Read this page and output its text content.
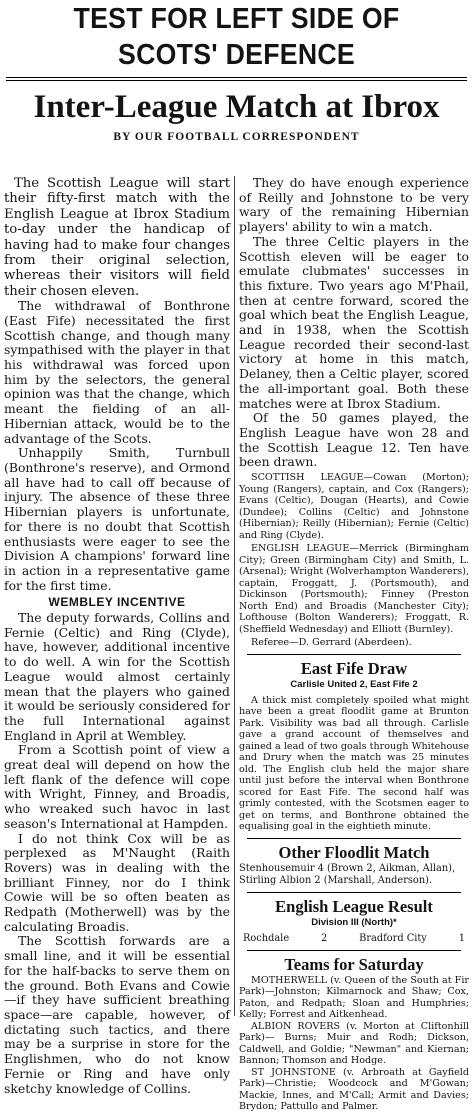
TEST FOR LEFT SIDE OF
SCOTS' DEFENCE
Inter-League Match at Ibrox
BY OUR FOOTBALL CORRESPONDENT

The Scottish League will start their fifty-first match with the English League at Ibrox Stadium to-day under the handicap of having had to make four changes from their original selection, whereas their visitors will field their chosen eleven.

The withdrawal of Bonthrone (East Fife) necessitated the first Scottish change, and though many sympathised with the player in that his withdrawal was forced upon him by the selectors, the general opinion was that the change, which meant the fielding of an all-Hibernian attack, would be to the advantage of the Scots.

Unhappily Smith, Turnbull (Bonthrone's reserve), and Ormond all have had to call off because of injury. The absence of these three Hibernian players is unfortunate, for there is no doubt that Scottish enthusiasts were eager to see the Division A champions' forward line in action in a representative game for the first time.

WEMBLEY INCENTIVE

The deputy forwards, Collins and Fernie (Celtic) and Ring (Clyde), have, however, additional incentive to do well. A win for the Scottish League would almost certainly mean that the players who gained it would be seriously considered for the full International against England in April at Wembley.

From a Scottish point of view a great deal will depend on how the left flank of the defence will cope with Wright, Finney, and Broadis, who wreaked such havoc in last season's International at Hampden.

I do not think Cox will be as perplexed as M'Naught (Raith Rovers) was in dealing with the brilliant Finney, nor do I think Cowie will be so often beaten as Redpath (Motherwell) was by the calculating Broadis.

The Scottish forwards are a small line, and it will be essential for the half-backs to serve them on the ground. Both Evans and Cowie—if they have sufficient breathing space—are capable, however, of dictating such tactics, and there may be a surprise in store for the Englishmen, who do not know Fernie or Ring and have only sketchy knowledge of Collins.

They do have enough experience of Reilly and Johnstone to be very wary of the remaining Hibernian players' ability to win a match.

The three Celtic players in the Scottish eleven will be eager to emulate clubmates' successes in this fixture. Two years ago M'Phail, then at centre forward, scored the goal which beat the English League, and in 1938, when the Scottish League recorded their second-last victory at home in this match, Delaney, then a Celtic player, scored the all-important goal. Both these matches were at Ibrox Stadium.

Of the 50 games played, the English League have won 28 and the Scottish League 12. Ten have been drawn.

SCOTTISH LEAGUE—Cowan (Morton); Young (Rangers), captain, and Cox (Rangers); Evans (Celtic), Dougan (Hearts), and Cowie (Dundee); Collins (Celtic) and Johnstone (Hibernian); Reilly (Hibernian); Fernie (Celtic) and Ring (Clyde).

ENGLISH LEAGUE—Merrick (Birmingham City); Green (Birmingham City) and Smith, L. (Arsenal); Wright (Wolverhampton Wanderers), captain, Froggatt, J. (Portsmouth), and Dickinson (Portsmouth); Finney (Preston North End) and Broadis (Manchester City); Lofthouse (Bolton Wanderers); Froggatt, R. (Sheffield Wednesday) and Elliott (Burnley).

Referee—D. Gerrard (Aberdeen).

East Fife Draw
Carlisle United 2, East Fife 2

A thick mist completely spoiled what might have been a great floodlit game at Brunton Park. Visibility was bad all through. Carlisle gave a grand account of themselves and gained a lead of two goals through Whitehouse and Drury when the match was 25 minutes old. The English club held the major share until just before the interval when Bonthrone scored for East Fife. The second half was grimly contested, with the Scotsmen eager to get on terms, and Bonthrone obtained the equalising goal in the eightieth minute.

Other Floodlit Match

Stenhousemuir 4 (Brown 2, Aikman, Allan), Stirling Albion 2 (Marshall, Anderson).

English League Result
Division III (North)*
Rochdale	2	Bradford City	1
Teams for Saturday

MOTHERWELL (v. Queen of the South at Fir Park)—Johnston; Kilmarnock and Shaw; Cox, Paton, and Redpath; Sloan and Humphries; Kelly; Forrest and Aitkenhead.

ALBION ROVERS (v. Morton at Cliftonhill Park)— Burns; Muir and Rodh; Dickson, Caldwell, and Goldie; "Newman" and Kiernan; Bannon; Thomson and Hodge.

ST JOHNSTONE (v. Arbroath at Gayfield Park)—Christie; Woodcock and M'Gowan; Mackie, Innes, and M'Call; Armit and Davies; Brydon; Pattullo and Palmer.
